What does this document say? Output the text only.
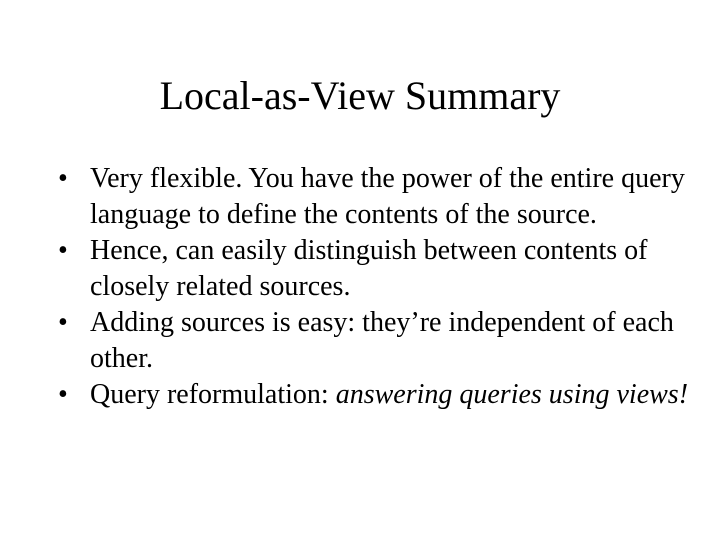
Local-as-View Summary
• Very flexible. You have the power of the entire query language to define the contents of the source.
• Hence, can easily distinguish between contents of closely related sources.
• Adding sources is easy: they’re independent of each other.
• Query reformulation: answering queries using views!
